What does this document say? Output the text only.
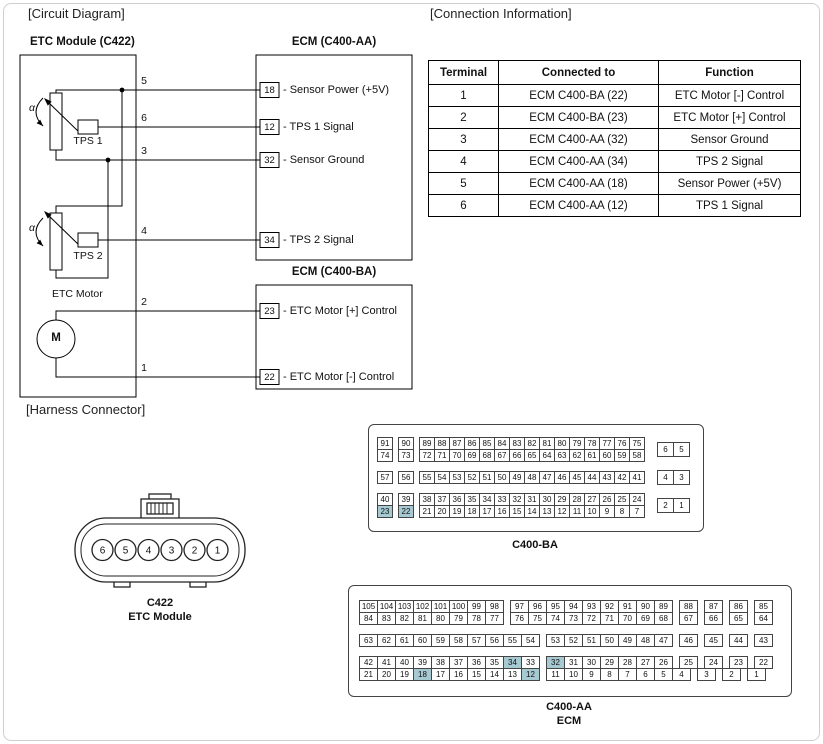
[Circuit Diagram]	[Connection Information]
[Harness Connector]
ETC Module (C422)	ECM (C400-AA)
ECM (C400-BA)
5
6
3
4
2
1
18
12
32
34
23
22
- Sensor Power (+5V)
- TPS 1 Signal
- Sensor Ground
- TPS 2 Signal
- ETC Motor [+] Control
- ETC Motor [-] Control
TPS 1
TPS 2
α
α
ETC Motor
M
Terminal	Connected to	Function
1	ECM C400-BA (22)	ETC Motor [-] Control
2	ECM C400-BA (23)	ETC Motor [+] Control
3	ECM C400-AA (32)	Sensor Ground
4	ECM C400-AA (34)	TPS 2 Signal
5	ECM C400-AA (18)	Sensor Power (+5V)
6	ECM C400-AA (12)	TPS 1 Signal
6 5 4 3 2 1
C422
ETC Module
91	90	89 88 87 86 85 84 83 82 81 80 79 78 77 76 75
74	73	72 71 70 69 68 67 66 65 64 63 62 61 60 59 58
57	56	55 54 53 52 51 50 49 48 47 46 45 44 43 42 41
40	39	38 37 36 35 34 33 32 31 30 29 28 27 26 25 24
23	22	21 20 19 18 17 16 15 14 13 12 11 10	9	8	7
6	5
4	3
2	1
C400-BA
105 104 103 102 101 100 99	98	97	96	95	94	93	92	91	90	89	88	87	86	85
84	83	82	81	80	79	78	77	76	75	74	73	72	71	70	69	68	67	66	65	64
63	62	61	60	59	58	57	56	55	54	53	52	51	50	49	48	47	46	45	44	43
42	41	40	39	38	37	36	35	34	33	32	31	30	29	28	27	26	25	24	23	22
21	20	19	18	17	16	15	14	13	12	11	10	9	8	7	6	5	4	3	2	1
C400-AA
ECM
